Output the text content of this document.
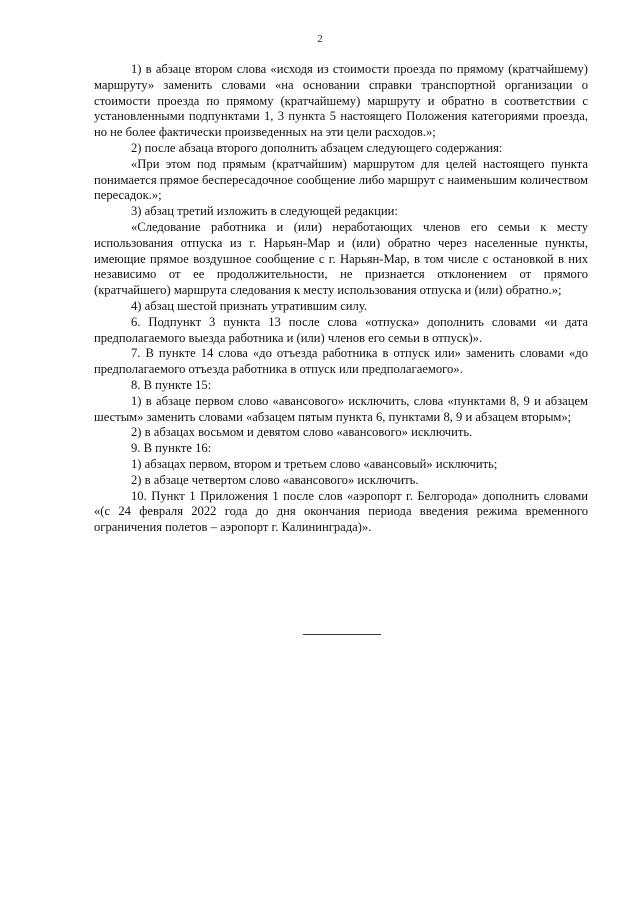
2

1) в абзаце втором слова «исходя из стоимости проезда по прямому (кратчайшему) маршруту» заменить словами «на основании справки транспортной организации о стоимости проезда по прямому (кратчайшему) маршруту и обратно в соответствии с установленными подпунктами 1, 3 пункта 5 настоящего Положения категориями проезда, но не более фактически произведенных на эти цели расходов.»;

2) после абзаца второго дополнить абзацем следующего содержания:

«При этом под прямым (кратчайшим) маршрутом для целей настоящего пункта понимается прямое беспересадочное сообщение либо маршрут с наименьшим количеством пересадок.»;

3) абзац третий изложить в следующей редакции:

«Следование работника и (или) неработающих членов его семьи к месту использования отпуска из г. Нарьян-Мар и (или) обратно через населенные пункты, имеющие прямое воздушное сообщение с г. Нарьян-Мар, в том числе с остановкой в них независимо от ее продолжительности, не признается отклонением от прямого (кратчайшего) маршрута следования к месту использования отпуска и (или) обратно.»;

4) абзац шестой признать утратившим силу.

6. Подпункт 3 пункта 13 после слова «отпуска» дополнить словами «и дата предполагаемого выезда работника и (или) членов его семьи в отпуск)».

7. В пункте 14 слова «до отъезда работника в отпуск или» заменить словами «до предполагаемого отъезда работника в отпуск или предполагаемого».

8. В пункте 15:

1) в абзаце первом слово «авансового» исключить, слова «пунктами 8, 9 и абзацем шестым» заменить словами «абзацем пятым пункта 6, пунктами 8, 9 и абзацем вторым»;

2) в абзацах восьмом и девятом слово «авансового» исключить.

9. В пункте 16:

1) абзацах первом, втором и третьем слово «авансовый» исключить;

2) в абзаце четвертом слово «авансового» исключить.

10. Пункт 1 Приложения 1 после слов «аэропорт г. Белгорода» дополнить словами «(с 24 февраля 2022 года до дня окончания периода введения режима временного ограничения полетов – аэропорт г. Калининграда)».
